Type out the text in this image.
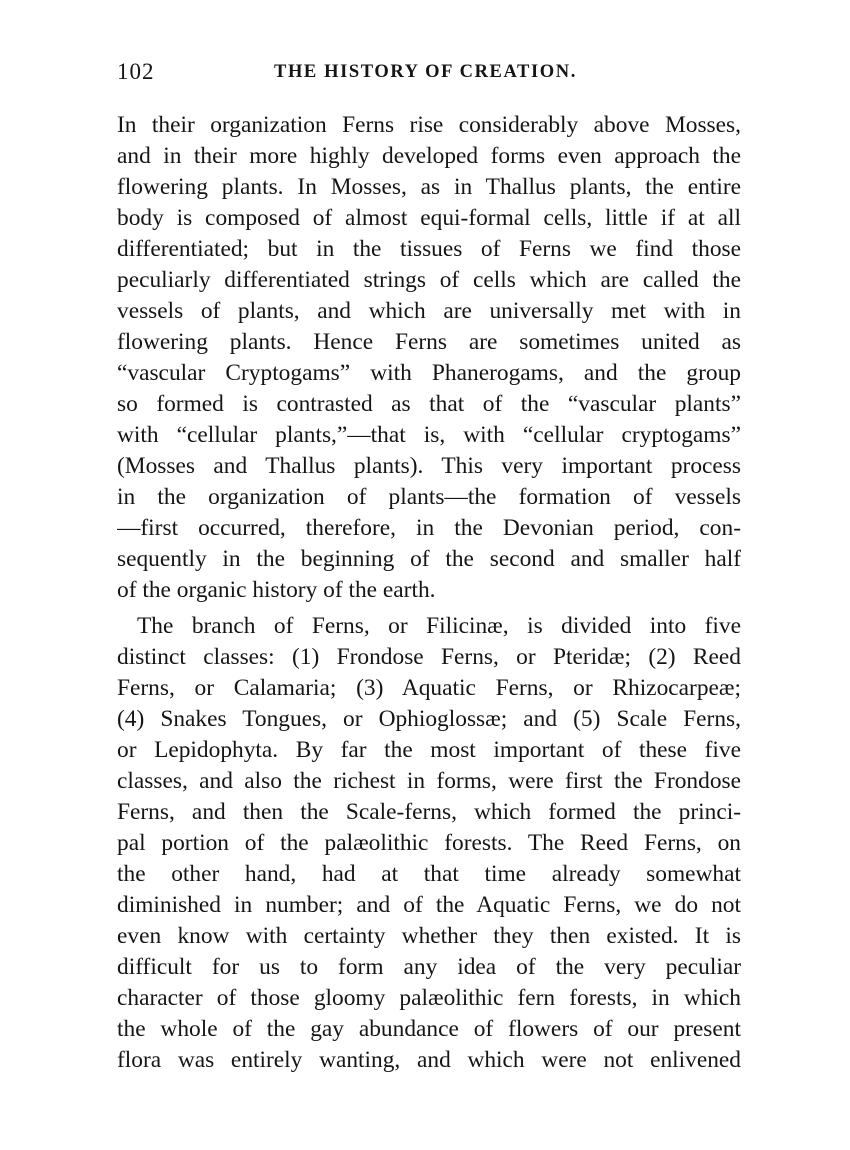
102	THE HISTORY OF CREATION.
In their organization Ferns rise considerably above Mosses,
and in their more highly developed forms even approach the
flowering plants. In Mosses, as in Thallus plants, the entire
body is composed of almost equi-formal cells, little if at all
differentiated; but in the tissues of Ferns we find those
peculiarly differentiated strings of cells which are called the
vessels of plants, and which are universally met with in
flowering plants. Hence Ferns are sometimes united as
“vascular Cryptogams” with Phanerogams, and the group
so formed is contrasted as that of the “vascular plants”
with “cellular plants,”—that is, with “cellular cryptogams”
(Mosses and Thallus plants). This very important process
in the organization of plants—the formation of vessels
—first occurred, therefore, in the Devonian period, con-
sequently in the beginning of the second and smaller half
of the organic history of the earth.
The branch of Ferns, or Filicinæ, is divided into five
distinct classes: (1) Frondose Ferns, or Pteridæ; (2) Reed
Ferns, or Calamaria; (3) Aquatic Ferns, or Rhizocarpeæ;
(4) Snakes Tongues, or Ophioglossæ; and (5) Scale Ferns,
or Lepidophyta. By far the most important of these five
classes, and also the richest in forms, were first the Frondose
Ferns, and then the Scale-ferns, which formed the princi-
pal portion of the palæolithic forests. The Reed Ferns, on
the other hand, had at that time already somewhat
diminished in number; and of the Aquatic Ferns, we do not
even know with certainty whether they then existed. It is
difficult for us to form any idea of the very peculiar
character of those gloomy palæolithic fern forests, in which
the whole of the gay abundance of flowers of our present
flora was entirely wanting, and which were not enlivened
